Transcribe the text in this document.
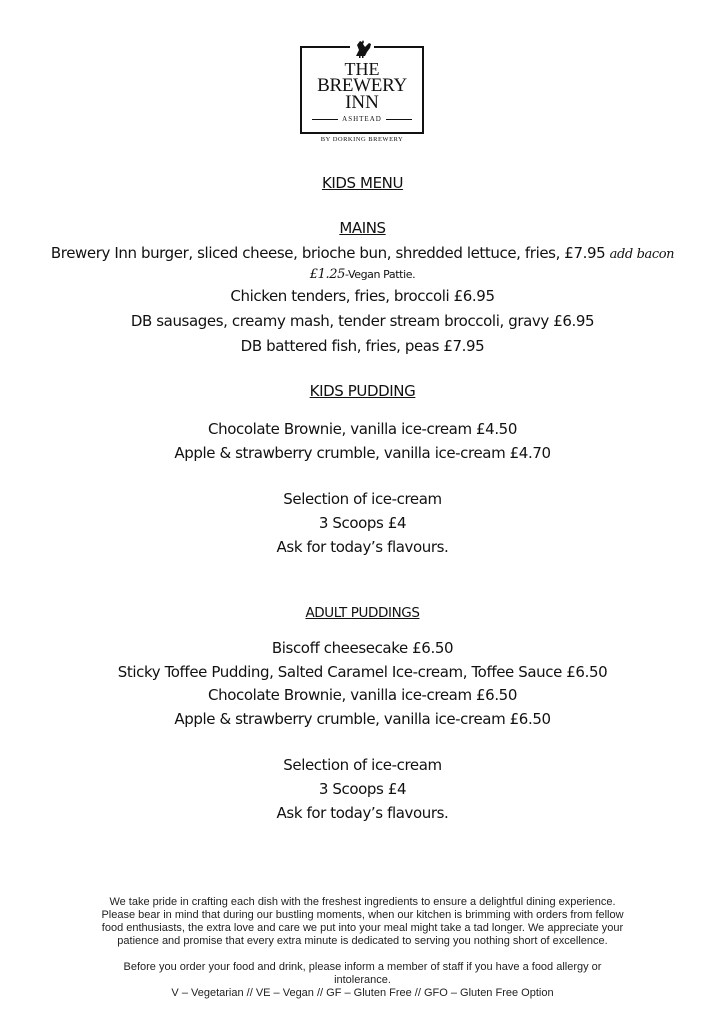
THE
BREWERY
INN
ASHTEAD
BY DORKING BREWERY
KIDS MENU
MAINS
Brewery Inn burger, sliced cheese, brioche bun, shredded lettuce, fries, £7.95 add bacon
£1.25-Vegan Pattie.
Chicken tenders, fries, broccoli £6.95
DB sausages, creamy mash, tender stream broccoli, gravy £6.95
DB battered fish, fries, peas £7.95
KIDS PUDDING
Chocolate Brownie, vanilla ice-cream £4.50
Apple & strawberry crumble, vanilla ice-cream £4.70
Selection of ice-cream
3 Scoops £4
Ask for today’s flavours.
ADULT PUDDINGS
Biscoff cheesecake £6.50
Sticky Toffee Pudding, Salted Caramel Ice-cream, Toffee Sauce £6.50
Chocolate Brownie, vanilla ice-cream £6.50
Apple & strawberry crumble, vanilla ice-cream £6.50
Selection of ice-cream
3 Scoops £4
Ask for today’s flavours.
We take pride in crafting each dish with the freshest ingredients to ensure a delightful dining experience.
Please bear in mind that during our bustling moments, when our kitchen is brimming with orders from fellow
food enthusiasts, the extra love and care we put into your meal might take a tad longer. We appreciate your
patience and promise that every extra minute is dedicated to serving you nothing short of excellence.
Before you order your food and drink, please inform a member of staff if you have a food allergy or
intolerance.
V – Vegetarian // VE – Vegan // GF – Gluten Free // GFO – Gluten Free Option
